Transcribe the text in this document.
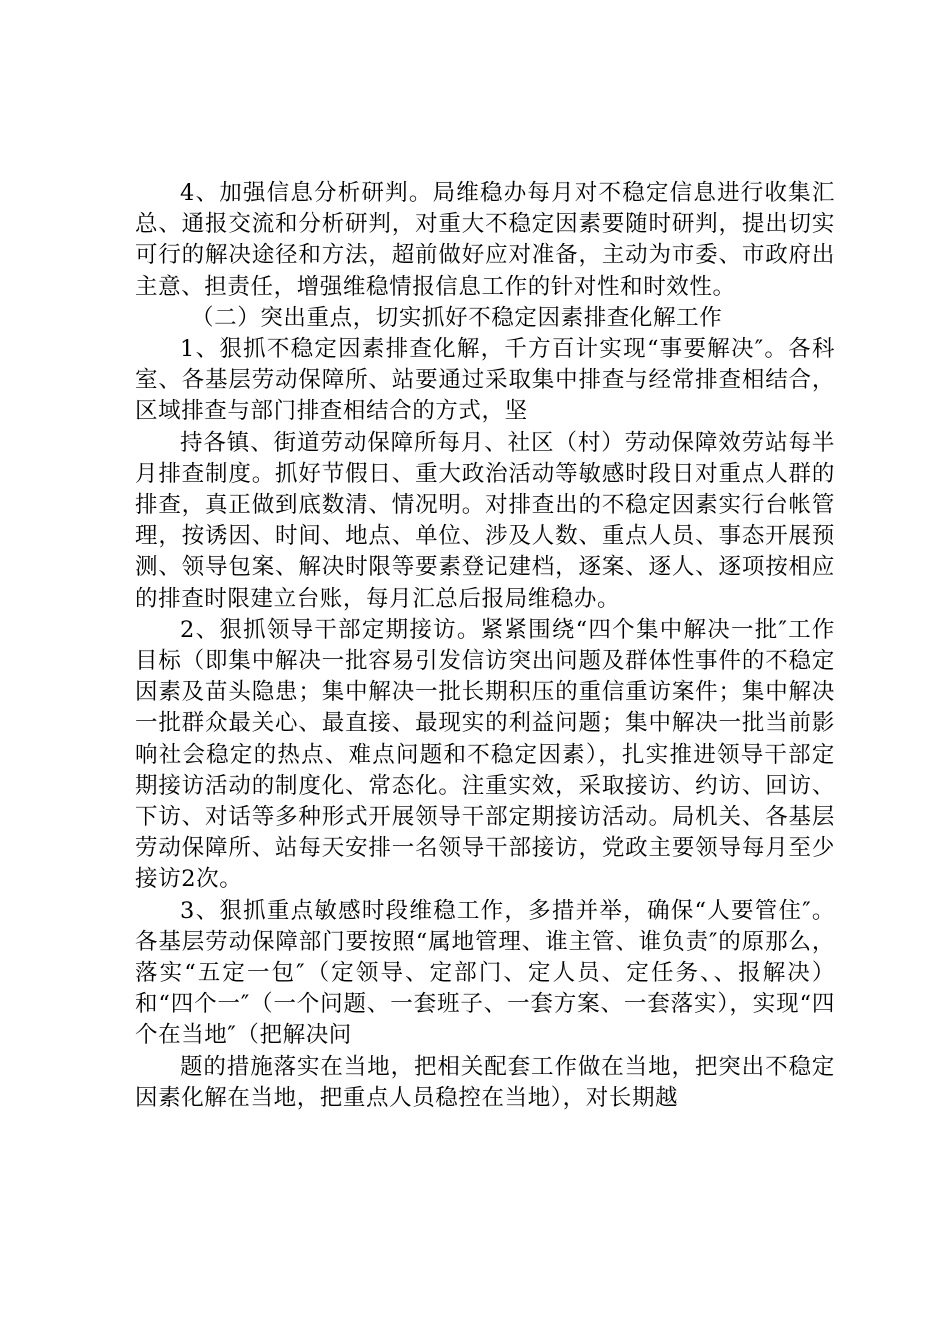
4、加强信息分析研判。局维稳办每月对不稳定信息进行收集汇总、通报交流和分析研判，对重大不稳定因素要随时研判，提出切实可行的解决途径和方法，超前做好应对准备，主动为市委、市政府出主意、担责任，增强维稳情报信息工作的针对性和时效性。

（二）突出重点，切实抓好不稳定因素排查化解工作

1、狠抓不稳定因素排查化解，千方百计实现“事要解决″。各科室、各基层劳动保障所、站要通过采取集中排查与经常排查相结合，区域排查与部门排查相结合的方式，坚

持各镇、街道劳动保障所每月、社区（村）劳动保障效劳站每半月排查制度。抓好节假日、重大政治活动等敏感时段日对重点人群的排查，真正做到底数清、情况明。对排查出的不稳定因素实行台帐管理，按诱因、时间、地点、单位、涉及人数、重点人员、事态开展预测、领导包案、解决时限等要素登记建档，逐案、逐人、逐项按相应的排查时限建立台账，每月汇总后报局维稳办。

2、狠抓领导干部定期接访。紧紧围绕“四个集中解决一批″工作目标（即集中解决一批容易引发信访突出问题及群体性事件的不稳定因素及苗头隐患；集中解决一批长期积压的重信重访案件；集中解决一批群众最关心、最直接、最现实的利益问题；集中解决一批当前影响社会稳定的热点、难点问题和不稳定因素），扎实推进领导干部定期接访活动的制度化、常态化。注重实效，采取接访、约访、回访、下访、对话等多种形式开展领导干部定期接访活动。局机关、各基层劳动保障所、站每天安排一名领导干部接访，党政主要领导每月至少接访2次。

3、狠抓重点敏感时段维稳工作，多措并举，确保“人要管住″。各基层劳动保障部门要按照“属地管理、谁主管、谁负责″的原那么，落实“五定一包″（定领导、定部门、定人员、定任务、、报解决）和“四个一″（一个问题、一套班子、一套方案、一套落实），实现“四个在当地″（把解决问

题的措施落实在当地，把相关配套工作做在当地，把突出不稳定因素化解在当地，把重点人员稳控在当地），对长期越
